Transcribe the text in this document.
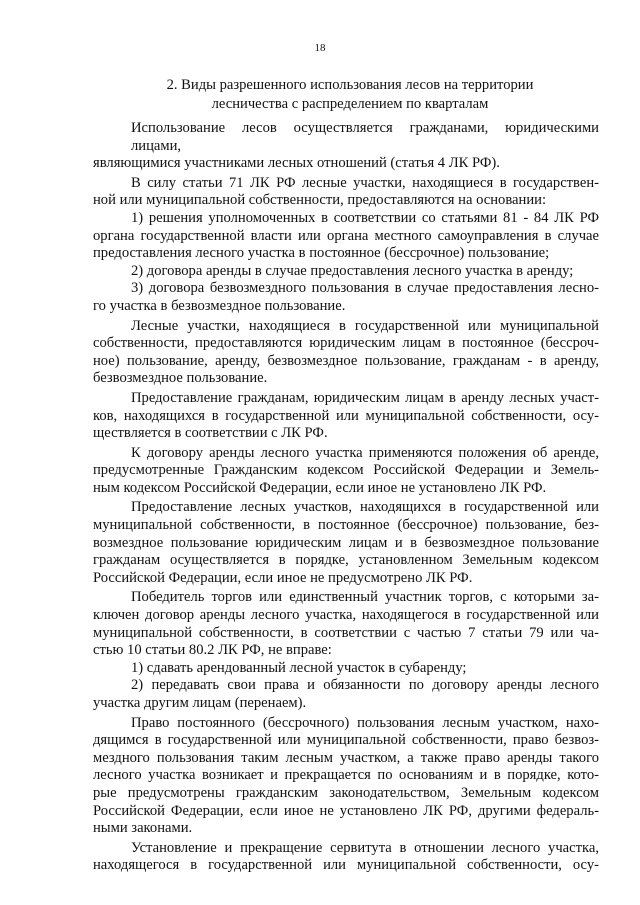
18
2. Виды разрешенного использования лесов на территории
лесничества с распределением по кварталам
Использование лесов осуществляется гражданами, юридическими лицами,
являющимися участниками лесных отношений (статья 4 ЛК РФ).
В силу статьи 71 ЛК РФ лесные участки, находящиеся в государствен-
ной или муниципальной собственности, предоставляются на основании:
1) решения уполномоченных в соответствии со статьями 81 - 84 ЛК РФ
органа государственной власти или органа местного самоуправления в случае
предоставления лесного участка в постоянное (бессрочное) пользование;
2) договора аренды в случае предоставления лесного участка в аренду;
3) договора безвозмездного пользования в случае предоставления лесно-
го участка в безвозмездное пользование.
Лесные участки, находящиеся в государственной или муниципальной
собственности, предоставляются юридическим лицам в постоянное (бессроч-
ное) пользование, аренду, безвозмездное пользование, гражданам - в аренду,
безвозмездное пользование.
Предоставление гражданам, юридическим лицам в аренду лесных участ-
ков, находящихся в государственной или муниципальной собственности, осу-
ществляется в соответствии с ЛК РФ.
К договору аренды лесного участка применяются положения об аренде,
предусмотренные Гражданским кодексом Российской Федерации и Земель-
ным кодексом Российской Федерации, если иное не установлено ЛК РФ.
Предоставление лесных участков, находящихся в государственной или
муниципальной собственности, в постоянное (бессрочное) пользование, без-
возмездное пользование юридическим лицам и в безвозмездное пользование
гражданам осуществляется в порядке, установленном Земельным кодексом
Российской Федерации, если иное не предусмотрено ЛК РФ.
Победитель торгов или единственный участник торгов, с которыми за-
ключен договор аренды лесного участка, находящегося в государственной или
муниципальной собственности, в соответствии с частью 7 статьи 79 или ча-
стью 10 статьи 80.2 ЛК РФ, не вправе:
1) сдавать арендованный лесной участок в субаренду;
2) передавать свои права и обязанности по договору аренды лесного
участка другим лицам (перенаем).
Право постоянного (бессрочного) пользования лесным участком, нахо-
дящимся в государственной или муниципальной собственности, право безвоз-
мездного пользования таким лесным участком, а также право аренды такого
лесного участка возникает и прекращается по основаниям и в порядке, кото-
рые предусмотрены гражданским законодательством, Земельным кодексом
Российской Федерации, если иное не установлено ЛК РФ, другими федераль-
ными законами.
Установление и прекращение сервитута в отношении лесного участка,
находящегося в государственной или муниципальной собственности, осу-
